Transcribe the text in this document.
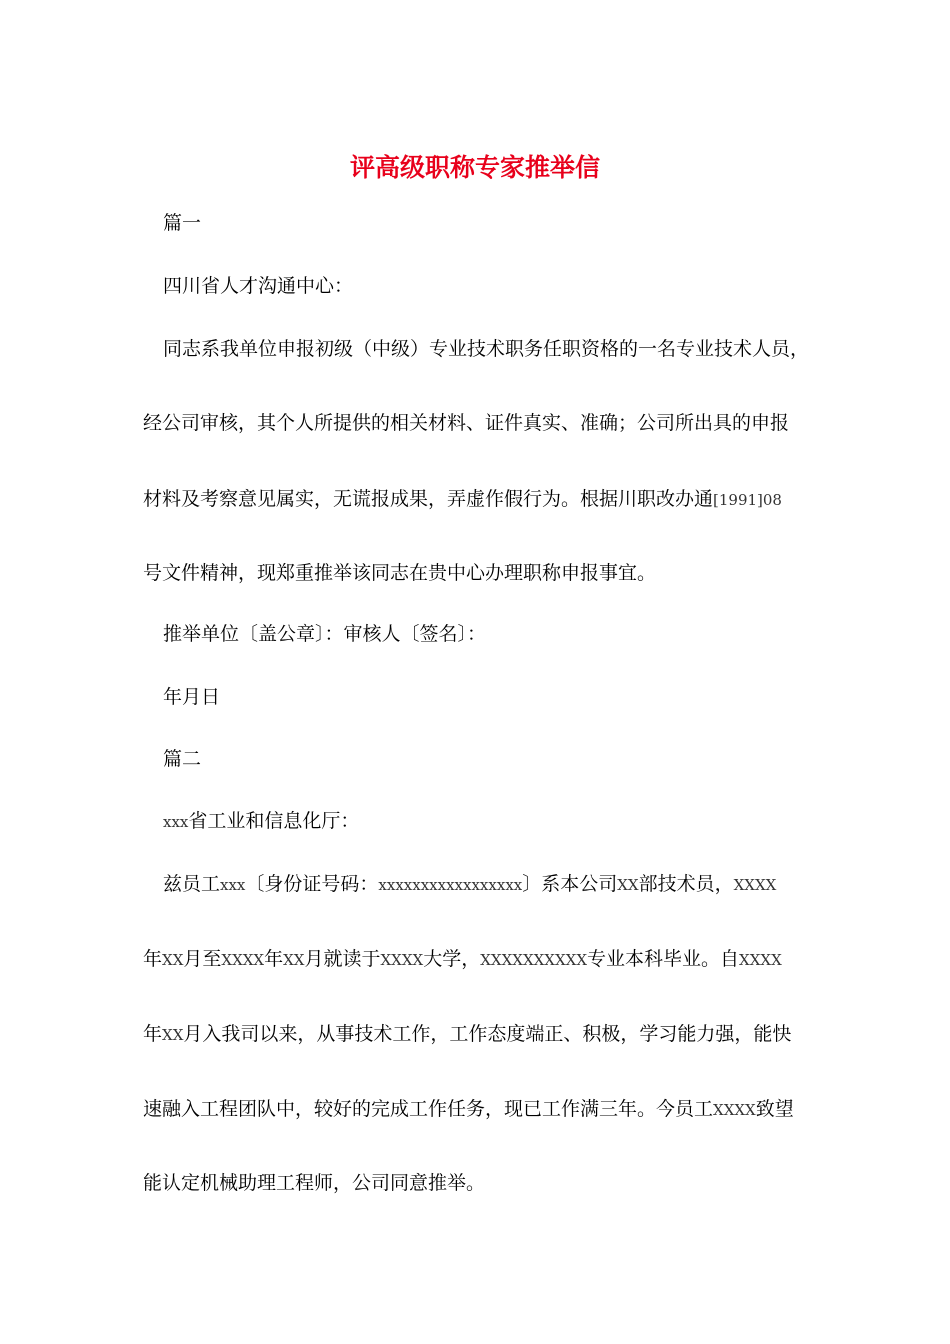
评高级职称专家推举信
篇一
四川省人才沟通中心：
同志系我单位申报初级（中级）专业技术职务任职资格的一名专业技术人员，
经公司审核，其个人所提供的相关材料、证件真实、准确；公司所出具的申报
材料及考察意见属实，无谎报成果，弄虚作假行为。根据川职改办通[1991]08
号文件精神，现郑重推举该同志在贵中心办理职称申报事宜。
推举单位〔盖公章〕：审核人〔签名〕：
年月日
篇二
xxx省工业和信息化厅：
兹员工xxx〔身份证号码：xxxxxxxxxxxxxxxxx〕系本公司XX部技术员，XXXX
年XX月至XXXX年XX月就读于XXXX大学，XXXXXXXXXX专业本科毕业。自XXXX
年XX月入我司以来，从事技术工作，工作态度端正、积极，学习能力强，能快
速融入工程团队中，较好的完成工作任务，现已工作满三年。今员工XXXX致望
能认定机械助理工程师，公司同意推举。
